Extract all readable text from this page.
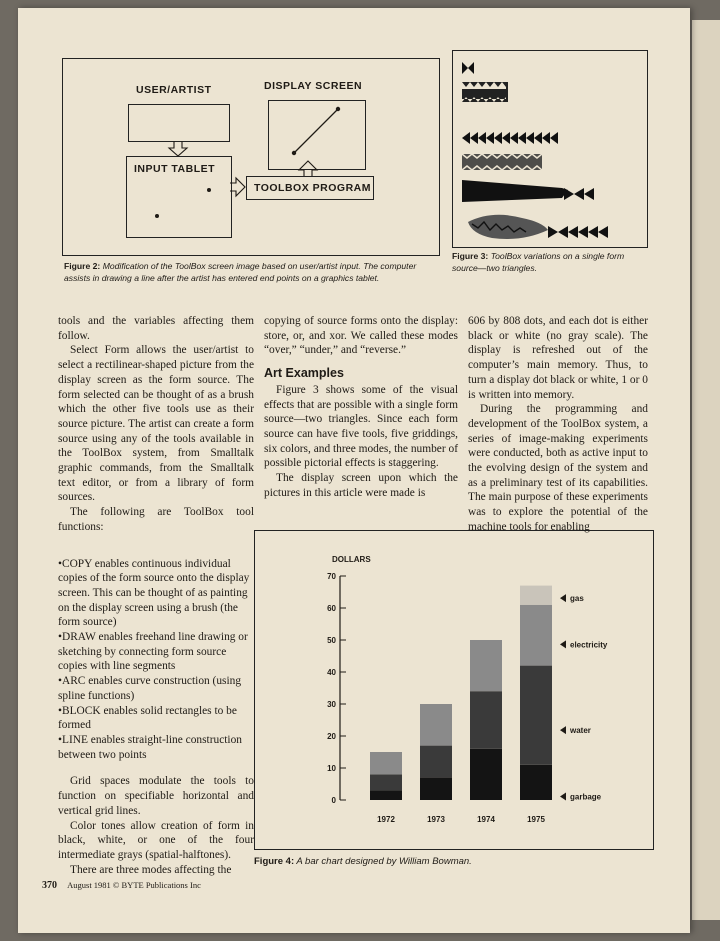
USER/ARTIST	DISPLAY SCREEN
INPUT TABLET
TOOLBOX PROGRAM
Figure 2: Modification of the ToolBox screen image based on user/artist input. The computer assists in drawing a line after the artist has entered end points on a graphics tablet.
Figure 3: ToolBox variations on a single form source—two triangles.

tools and the variables affecting them follow.

Select Form allows the user/artist to select a rectilinear-shaped picture from the display screen as the form source. The form selected can be thought of as a brush which the other five tools use as their source picture. The artist can create a form source using any of the tools available in the ToolBox system, from Smalltalk graphic commands, from the Smalltalk text editor, or from a library of form sources.

The following are ToolBox tool functions:

•COPY enables continuous individual copies of the form source onto the display screen. This can be thought of as painting on the display screen using a brush (the form source)

•DRAW enables freehand line drawing or sketching by connecting form source copies with line segments

•ARC enables curve construction (using spline functions)

•BLOCK enables solid rectangles to be formed

•LINE enables straight-line construction between two points

Grid spaces modulate the tools to function on specifiable horizontal and vertical grid lines.

Color tones allow creation of form in black, white, or one of the four intermediate grays (spatial-halftones).

There are three modes affecting the

copying of source forms onto the display: store, or, and xor. We called these modes “over,” “under,” and “reverse.”

Art Examples

Figure 3 shows some of the visual effects that are possible with a single form source—two triangles. Since each form source can have five tools, five griddings, six colors, and three modes, the number of possible pictorial effects is staggering.

The display screen upon which the pictures in this article were made is

606 by 808 dots, and each dot is either black or white (no gray scale). The display is refreshed out of the computer’s main memory. Thus, to turn a display dot black or white, 1 or 0 is written into memory.

During the programming and development of the ToolBox system, a series of image-making experiments were conducted, both as active input to the evolving design of the system and as a preliminary test of its capabilities. The main purpose of these experiments was to explore the potential of the machine tools for enabling

DOLLARS
0
10
20
30
40
50
60
70
1972	1973	1974	1975
garbage
water
electricity
gas
Figure 4: A bar chart designed by William Bowman.
370 August 1981 © BYTE Publications Inc
